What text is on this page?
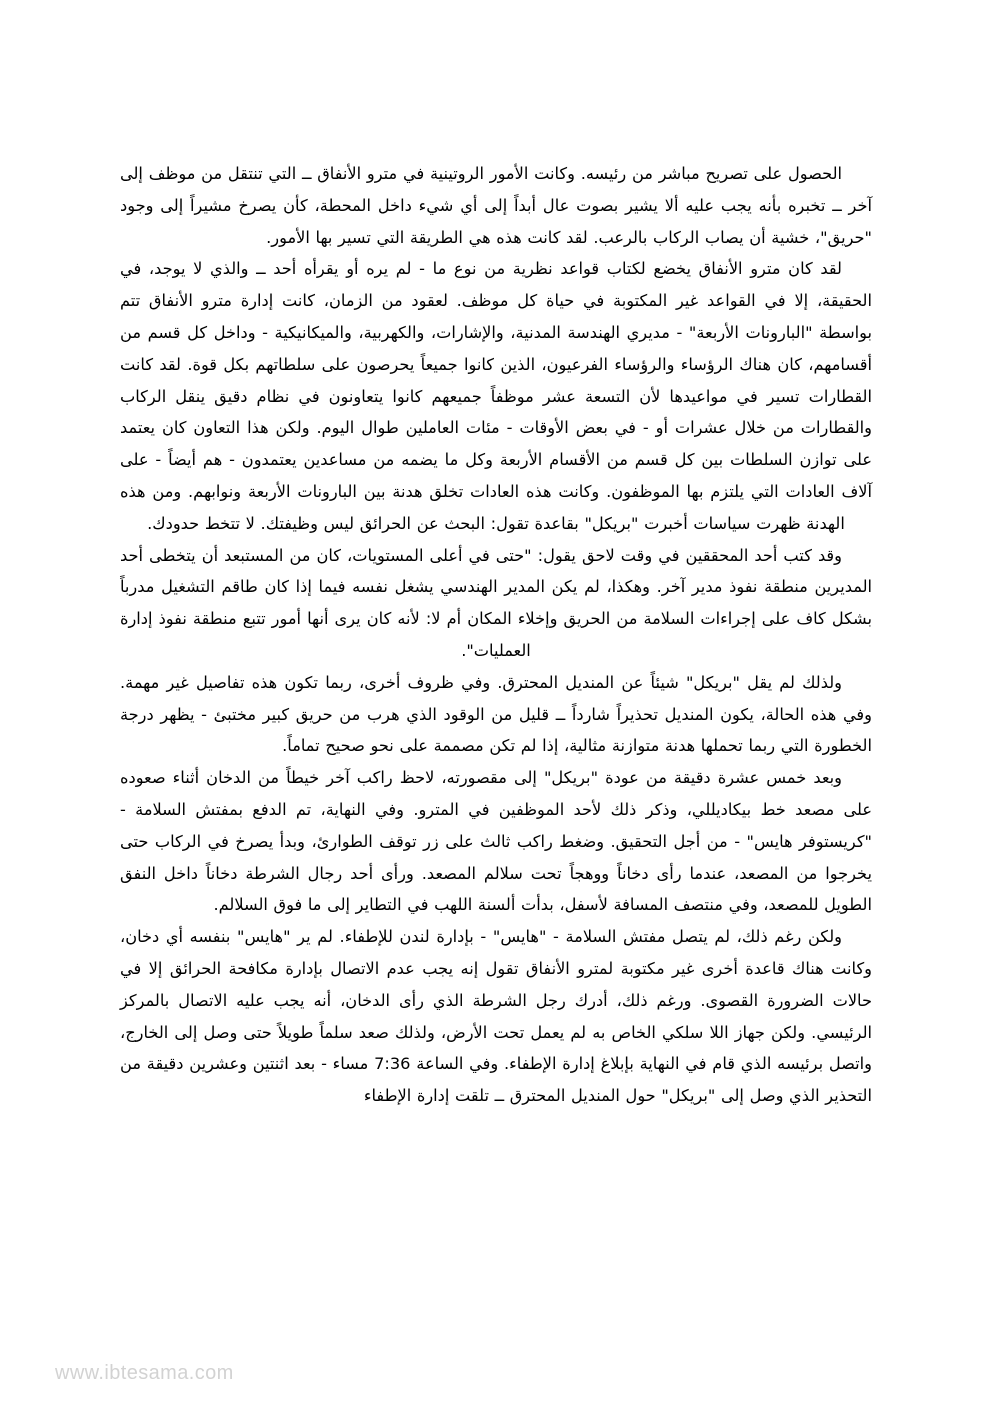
الحصول على تصريح مباشر من رئيسه. وكانت الأمور الروتينية في مترو الأنفاق ــ التي تنتقل من موظف إلى آخر ــ تخبره بأنه يجب عليه ألا يشير بصوت عال أبداً إلى أي شيء داخل المحطة، كأن يصرخ مشيراً إلى وجود "حريق"، خشية أن يصاب الركاب بالرعب. لقد كانت هذه هي الطريقة التي تسير بها الأمور.

لقد كان مترو الأنفاق يخضع لكتاب قواعد نظرية من نوع ما - لم يره أو يقرأه أحد ــ والذي لا يوجد، في الحقيقة، إلا في القواعد غير المكتوبة في حياة كل موظف. لعقود من الزمان، كانت إدارة مترو الأنفاق تتم بواسطة "البارونات الأربعة" - مديري الهندسة المدنية، والإشارات، والكهربية، والميكانيكية - وداخل كل قسم من أقسامهم، كان هناك الرؤساء والرؤساء الفرعيون، الذين كانوا جميعاً يحرصون على سلطاتهم بكل قوة. لقد كانت القطارات تسير في مواعيدها لأن التسعة عشر موظفاً جميعهم كانوا يتعاونون في نظام دقيق ينقل الركاب والقطارات من خلال عشرات أو - في بعض الأوقات - مئات العاملين طوال اليوم. ولكن هذا التعاون كان يعتمد على توازن السلطات بين كل قسم من الأقسام الأربعة وكل ما يضمه من مساعدين يعتمدون - هم أيضاً - على آلاف العادات التي يلتزم بها الموظفون. وكانت هذه العادات تخلق هدنة بين البارونات الأربعة ونوابهم. ومن هذه الهدنة ظهرت سياسات أخبرت "بريكل" بقاعدة تقول: البحث عن الحرائق ليس وظيفتك. لا تتخط حدودك.

وقد كتب أحد المحققين في وقت لاحق يقول: "حتى في أعلى المستويات، كان من المستبعد أن يتخطى أحد المديرين منطقة نفوذ مدير آخر. وهكذا، لم يكن المدير الهندسي يشغل نفسه فيما إذا كان طاقم التشغيل مدرباً بشكل كاف على إجراءات السلامة من الحريق وإخلاء المكان أم لا: لأنه كان يرى أنها أمور تتبع منطقة نفوذ إدارة العمليات".

ولذلك لم يقل "بريكل" شيئاً عن المنديل المحترق. وفي ظروف أخرى، ربما تكون هذه تفاصيل غير مهمة. وفي هذه الحالة، يكون المنديل تحذيراً شارداً ــ قليل من الوقود الذي هرب من حريق كبير مختبئ - يظهر درجة الخطورة التي ربما تحملها هدنة متوازنة مثالية، إذا لم تكن مصممة على نحو صحيح تماماً.

وبعد خمس عشرة دقيقة من عودة "بريكل" إلى مقصورته، لاحظ راكب آخر خيطاً من الدخان أثناء صعوده على مصعد خط بيكاديللي، وذكر ذلك لأحد الموظفين في المترو. وفي النهاية، تم الدفع بمفتش السلامة - "كريستوفر هايس" - من أجل التحقيق. وضغط راكب ثالث على زر توقف الطوارئ، وبدأ يصرخ في الركاب حتى يخرجوا من المصعد، عندما رأى دخاناً ووهجاً تحت سلالم المصعد. ورأى أحد رجال الشرطة دخاناً داخل النفق الطويل للمصعد، وفي منتصف المسافة لأسفل، بدأت ألسنة اللهب في التطاير إلى ما فوق السلالم.

ولكن رغم ذلك، لم يتصل مفتش السلامة - "هايس" - بإدارة لندن للإطفاء. لم ير "هايس" بنفسه أي دخان، وكانت هناك قاعدة أخرى غير مكتوبة لمترو الأنفاق تقول إنه يجب عدم الاتصال بإدارة مكافحة الحرائق إلا في حالات الضرورة القصوى. ورغم ذلك، أدرك رجل الشرطة الذي رأى الدخان، أنه يجب عليه الاتصال بالمركز الرئيسي. ولكن جهاز اللا سلكي الخاص به لم يعمل تحت الأرض، ولذلك صعد سلماً طويلاً حتى وصل إلى الخارج، واتصل برئيسه الذي قام في النهاية بإبلاغ إدارة الإطفاء. وفي الساعة 7:36 مساء - بعد اثنتين وعشرين دقيقة من التحذير الذي وصل إلى "بريكل" حول المنديل المحترق ــ تلقت إدارة الإطفاء

www.ibtesama.com
